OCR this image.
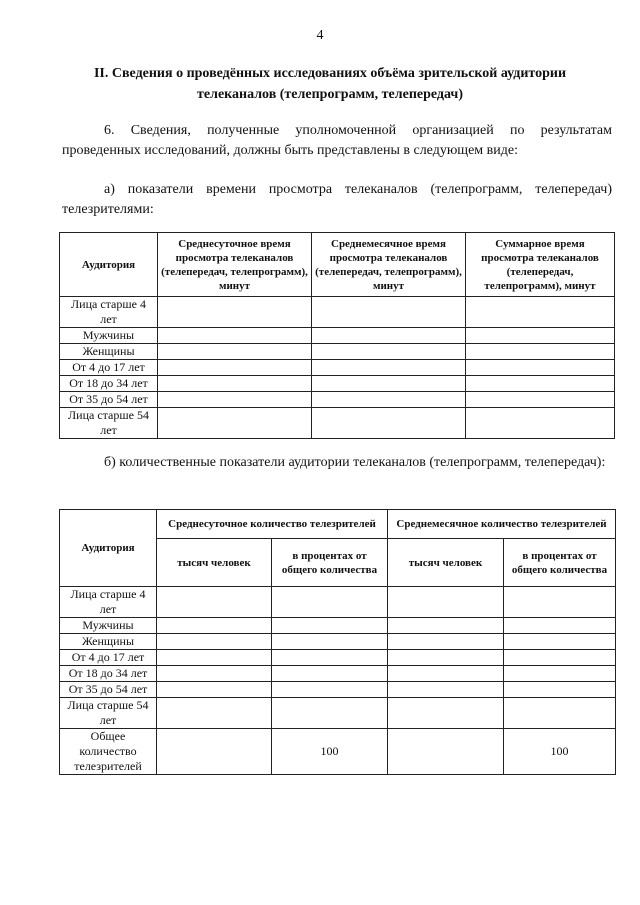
4
II. Сведения о проведённых исследованиях объёма зрительской аудитории
телеканалов (телепрограмм, телепередач)
6. Сведения, полученные уполномоченной организацией по результатам проведенных исследований, должны быть представлены в следующем виде:
а) показатели времени просмотра телеканалов (телепрограмм, телепередач) телезрителями:
Аудитория	Среднесуточное время просмотра телеканалов (телепередач, телепрограмм), минут	Среднемесячное время просмотра телеканалов (телепередач, телепрограмм), минут	Суммарное время просмотра телеканалов (телепередач, телепрограмм), минут
Лица старше 4 лет			
Мужчины			
Женщины			
От 4 до 17 лет			
От 18 до 34 лет			
От 35 до 54 лет			
Лица старше 54 лет			
б) количественные показатели аудитории телеканалов (телепрограмм, телепередач):
Аудитория	Среднесуточное количество телезрителей		Среднемесячное количество телезрителей	
	тысяч человек	в процентах от общего количества	тысяч человек	в процентах от общего количества
Лица старше 4 лет				
Мужчины				
Женщины				
От 4 до 17 лет				
От 18 до 34 лет				
От 35 до 54 лет				
Лица старше 54 лет				
Общее количество телезрителей		100		100
